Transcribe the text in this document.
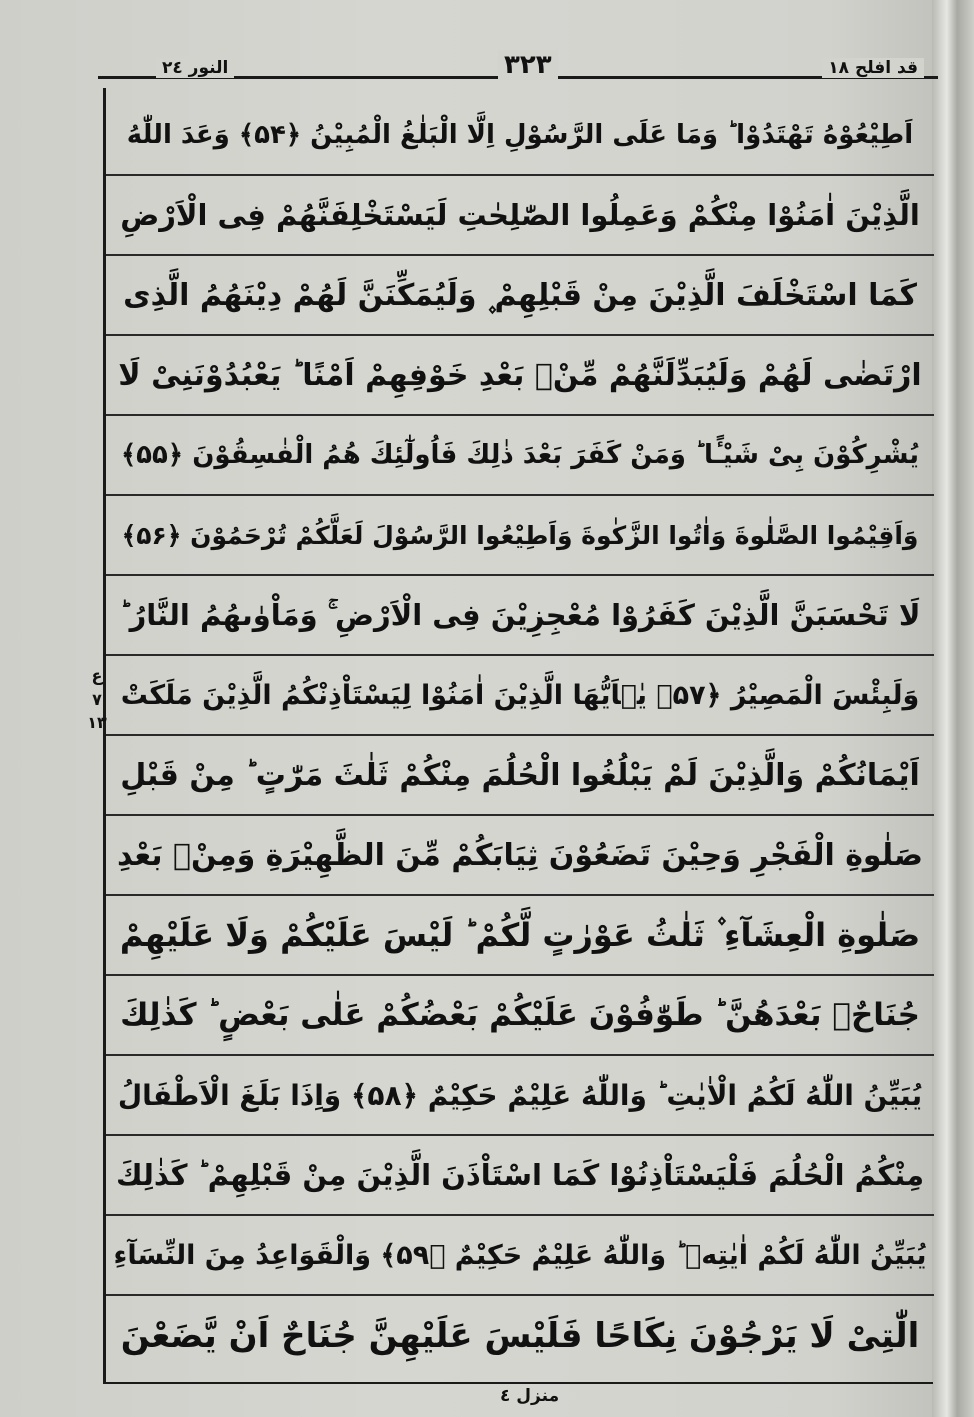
قد افلح ١٨
٣٢٣
النور ٢٤
اَطِيْعُوْهُ تَهْتَدُوْا ؕ وَمَا عَلَى الرَّسُوْلِ اِلَّا الْبَلٰغُ الْمُبِيْنُ ﴿۵۴﴾ وَعَدَ اللّٰهُ
الَّذِيْنَ اٰمَنُوْا مِنْكُمْ وَعَمِلُوا الصّٰلِحٰتِ لَيَسْتَخْلِفَنَّهُمْ فِى الْاَرْضِ
كَمَا اسْتَخْلَفَ الَّذِيْنَ مِنْ قَبْلِهِمْ ۪ وَلَيُمَكِّنَنَّ لَهُمْ دِيْنَهُمُ الَّذِى
ارْتَضٰى لَهُمْ وَلَيُبَدِّلَنَّهُمْ مِّنْۢ بَعْدِ خَوْفِهِمْ اَمْنًا ؕ يَعْبُدُوْنَنِىْ لَا
يُشْرِكُوْنَ بِىْ شَيْـًٔا ؕ وَمَنْ كَفَرَ بَعْدَ ذٰلِكَ فَاُولٰٓئِكَ هُمُ الْفٰسِقُوْنَ ﴿۵۵﴾
وَاَقِيْمُوا الصَّلٰوةَ وَاٰتُوا الزَّكٰوةَ وَاَطِيْعُوا الرَّسُوْلَ لَعَلَّكُمْ تُرْحَمُوْنَ ﴿۵۶﴾
لَا تَحْسَبَنَّ الَّذِيْنَ كَفَرُوْا مُعْجِزِيْنَ فِى الْاَرْضِ ۚ وَمَاْوٰىهُمُ النَّارُ ؕ
وَلَبِئْسَ الْمَصِيْرُ ﴿۵۷﴾ يٰۤاَيُّهَا الَّذِيْنَ اٰمَنُوْا لِيَسْتَاْذِنْكُمُ الَّذِيْنَ مَلَكَتْ
اَيْمَانُكُمْ وَالَّذِيْنَ لَمْ يَبْلُغُوا الْحُلُمَ مِنْكُمْ ثَلٰثَ مَرّٰتٍ ؕ مِنْ قَبْلِ
صَلٰوةِ الْفَجْرِ وَحِيْنَ تَضَعُوْنَ ثِيَابَكُمْ مِّنَ الظَّهِيْرَةِ وَمِنْۢ بَعْدِ
صَلٰوةِ الْعِشَآءِ ۫ ثَلٰثُ عَوْرٰتٍ لَّكُمْ ؕ لَيْسَ عَلَيْكُمْ وَلَا عَلَيْهِمْ
جُنَاحٌۢ بَعْدَهُنَّ ؕ طَوّٰفُوْنَ عَلَيْكُمْ بَعْضُكُمْ عَلٰى بَعْضٍ ؕ كَذٰلِكَ
يُبَيِّنُ اللّٰهُ لَكُمُ الْاٰيٰتِ ؕ وَاللّٰهُ عَلِيْمٌ حَكِيْمٌ ﴿۵۸﴾ وَاِذَا بَلَغَ الْاَطْفَالُ
مِنْكُمُ الْحُلُمَ فَلْيَسْتَاْذِنُوْا كَمَا اسْتَاْذَنَ الَّذِيْنَ مِنْ قَبْلِهِمْ ؕ كَذٰلِكَ
يُبَيِّنُ اللّٰهُ لَكُمْ اٰيٰتِهٖ ؕ وَاللّٰهُ عَلِيْمٌ حَكِيْمٌ ﴿۵۹﴾ وَالْقَوَاعِدُ مِنَ النِّسَآءِ
الّٰتِىْ لَا يَرْجُوْنَ نِكَاحًا فَلَيْسَ عَلَيْهِنَّ جُنَاحٌ اَنْ يَّضَعْنَ
ع
٧
١٣
منزل ٤
